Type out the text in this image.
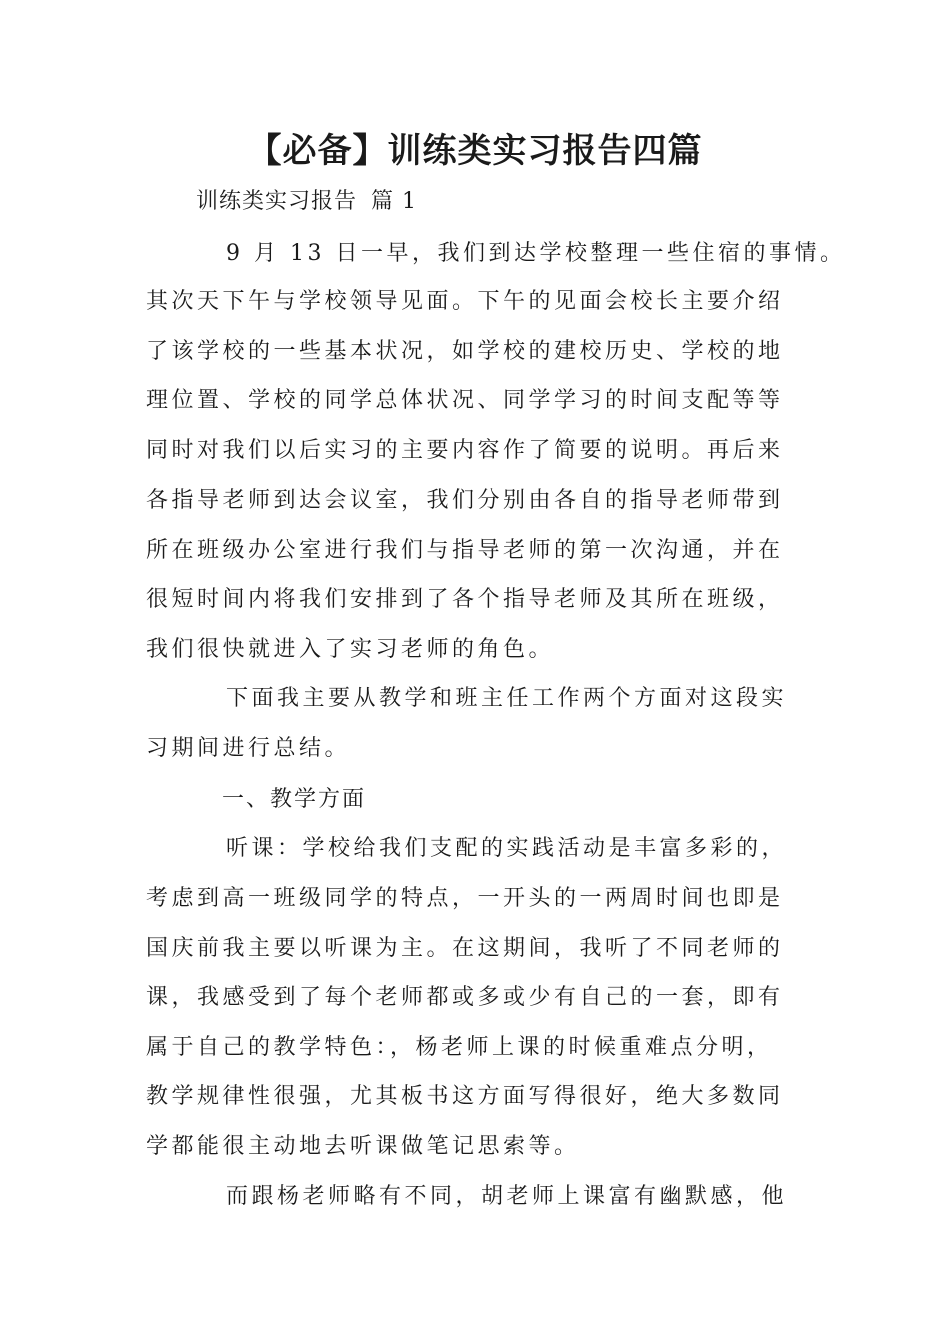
【必备】训练类实习报告四篇
训练类实习报告 篇 1
9 月 13 日一早，我们到达学校整理一些住宿的事情。
其次天下午与学校领导见面。下午的见面会校长主要介绍
了该学校的一些基本状况，如学校的建校历史、学校的地
理位置、学校的同学总体状况、同学学习的时间支配等等
同时对我们以后实习的主要内容作了简要的说明。再后来
各指导老师到达会议室，我们分别由各自的指导老师带到
所在班级办公室进行我们与指导老师的第一次沟通，并在
很短时间内将我们安排到了各个指导老师及其所在班级，
我们很快就进入了实习老师的角色。
下面我主要从教学和班主任工作两个方面对这段实
习期间进行总结。
一、教学方面
听课：学校给我们支配的实践活动是丰富多彩的，
考虑到高一班级同学的特点，一开头的一两周时间也即是
国庆前我主要以听课为主。在这期间，我听了不同老师的
课，我感受到了每个老师都或多或少有自己的一套，即有
属于自己的教学特色：，杨老师上课的时候重难点分明，
教学规律性很强，尤其板书这方面写得很好，绝大多数同
学都能很主动地去听课做笔记思索等。
而跟杨老师略有不同，胡老师上课富有幽默感，他
